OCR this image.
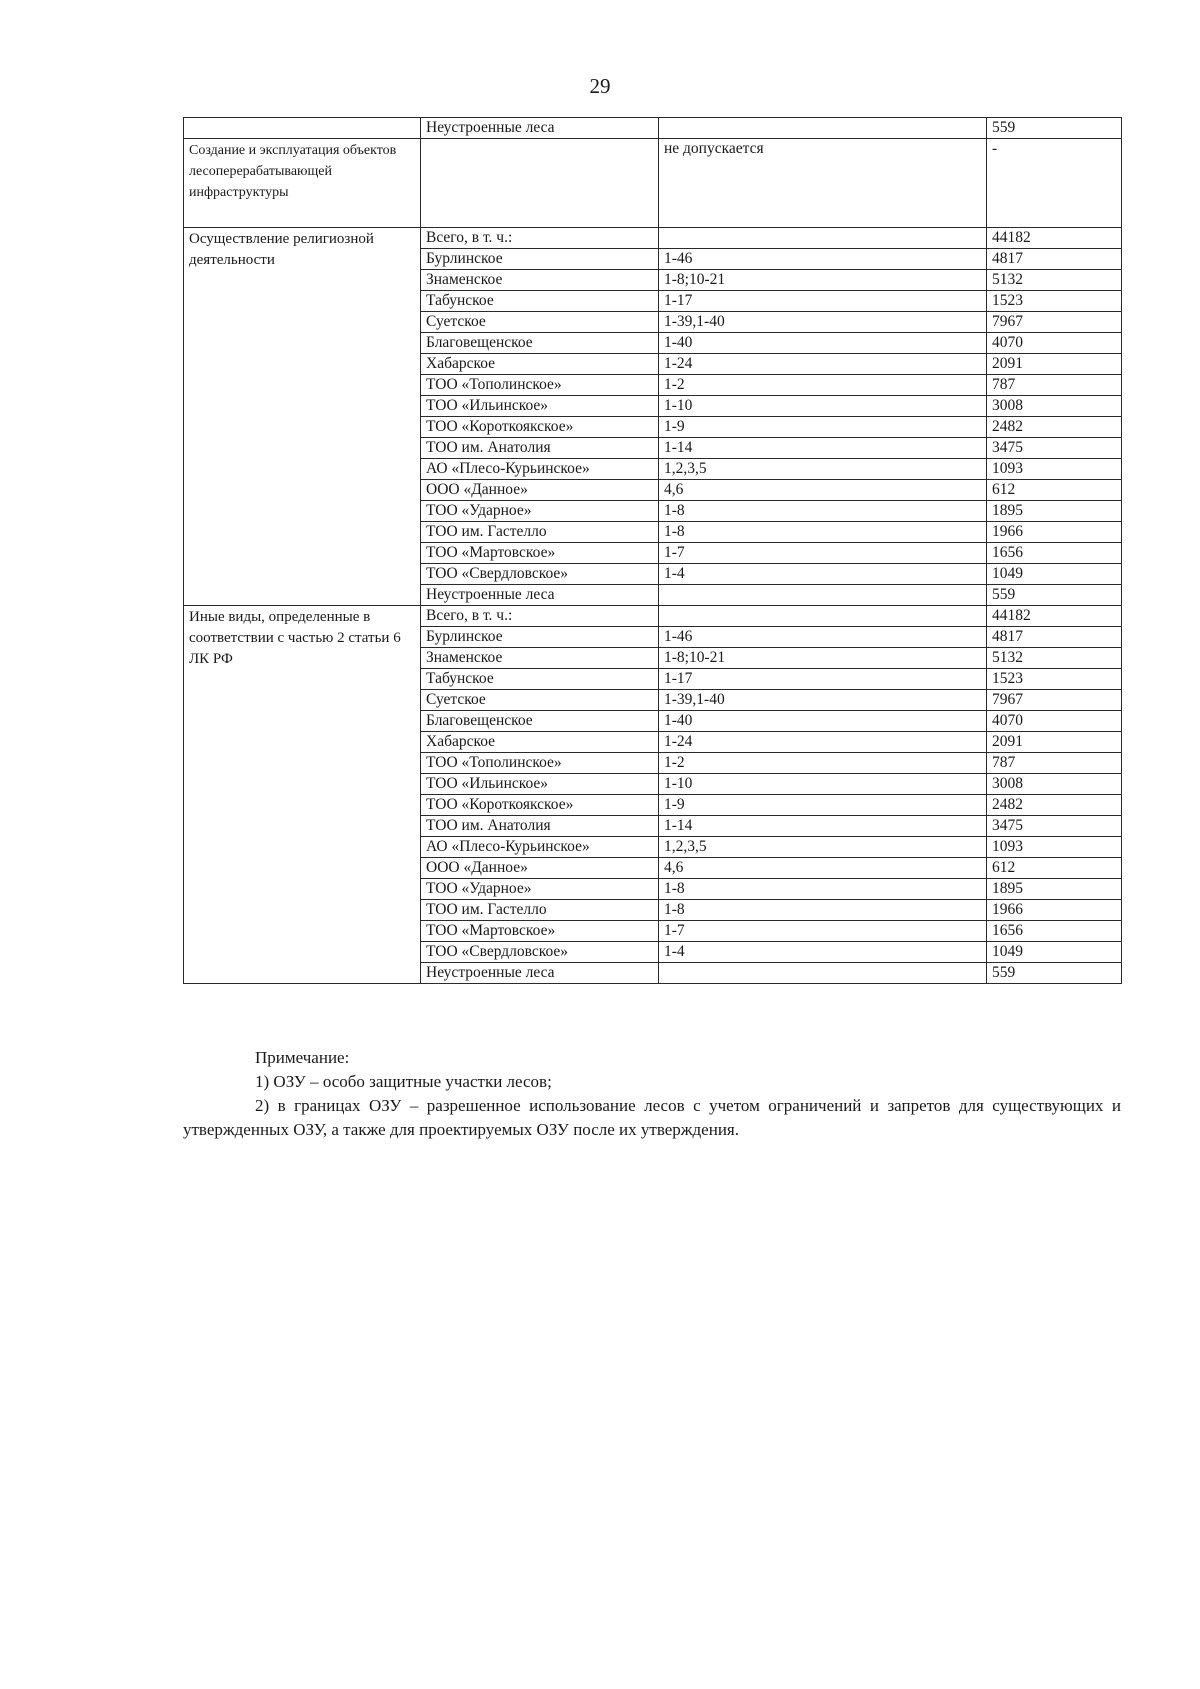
29
	Неустроенные леса		559
Создание и эксплуатация объектов лесоперерабатывающей инфраструктуры		не допускается	-
Осуществление религиозной деятельности	Всего, в т. ч.:		44182
	Бурлинское	1-46	4817
	Знаменское	1-8;10-21	5132
	Табунское	1-17	1523
	Суетское	1-39,1-40	7967
	Благовещенское	1-40	4070
	Хабарское	1-24	2091
	ТОО «Тополинское»	1-2	787
	ТОО «Ильинское»	1-10	3008
	ТОО «Короткоякское»	1-9	2482
	ТОО им. Анатолия	1-14	3475
	АО «Плесо-Курьинское»	1,2,3,5	1093
	ООО «Данное»	4,6	612
	ТОО «Ударное»	1-8	1895
	ТОО им. Гастелло	1-8	1966
	ТОО «Мартовское»	1-7	1656
	ТОО «Свердловское»	1-4	1049
	Неустроенные леса		559
Иные виды, определенные в соответствии с частью 2 статьи 6 ЛК РФ	Всего, в т. ч.:		44182
	Бурлинское	1-46	4817
	Знаменское	1-8;10-21	5132
	Табунское	1-17	1523
	Суетское	1-39,1-40	7967
	Благовещенское	1-40	4070
	Хабарское	1-24	2091
	ТОО «Тополинское»	1-2	787
	ТОО «Ильинское»	1-10	3008
	ТОО «Короткоякское»	1-9	2482
	ТОО им. Анатолия	1-14	3475
	АО «Плесо-Курьинское»	1,2,3,5	1093
	ООО «Данное»	4,6	612
	ТОО «Ударное»	1-8	1895
	ТОО им. Гастелло	1-8	1966
	ТОО «Мартовское»	1-7	1656
	ТОО «Свердловское»	1-4	1049
	Неустроенные леса		559

Примечание:

1) ОЗУ – особо защитные участки лесов;

2) в границах ОЗУ – разрешенное использование лесов с учетом ограничений и запретов для существующих и утвержденных ОЗУ, а также для проектируемых ОЗУ после их утверждения.
